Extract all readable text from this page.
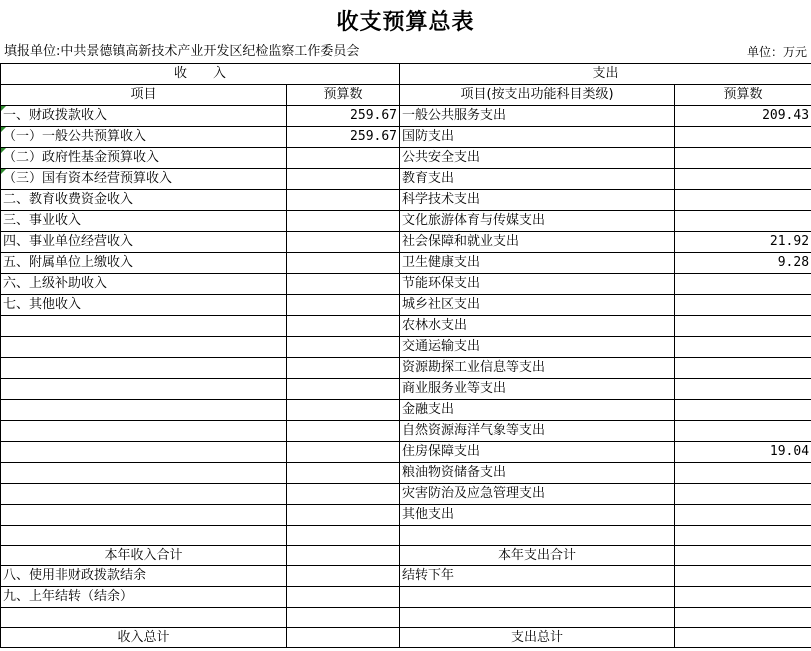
收支预算总表
填报单位:中共景德镇高新技术产业开发区纪检监察工作委员会	单位：万元
收　　入		支出	
项目	预算数	项目(按支出功能科目类级)	预算数
一、财政拨款收入	259.67	一般公共服务支出	209.43
（一）一般公共预算收入	259.67	国防支出	
（二）政府性基金预算收入		公共安全支出	
（三）国有资本经营预算收入		教育支出	
二、教育收费资金收入		科学技术支出	
三、事业收入		文化旅游体育与传媒支出	
四、事业单位经营收入		社会保障和就业支出	21.92
五、附属单位上缴收入		卫生健康支出	9.28
六、上级补助收入		节能环保支出	
七、其他收入		城乡社区支出	
		农林水支出	
		交通运输支出	
		资源勘探工业信息等支出	
		商业服务业等支出	
		金融支出	
		自然资源海洋气象等支出	
		住房保障支出	19.04
		粮油物资储备支出	
		灾害防治及应急管理支出	
		其他支出	

本年收入合计		本年支出合计	
八、使用非财政拨款结余		结转下年	
九、上年结转（结余）			

收入总计		支出总计	
